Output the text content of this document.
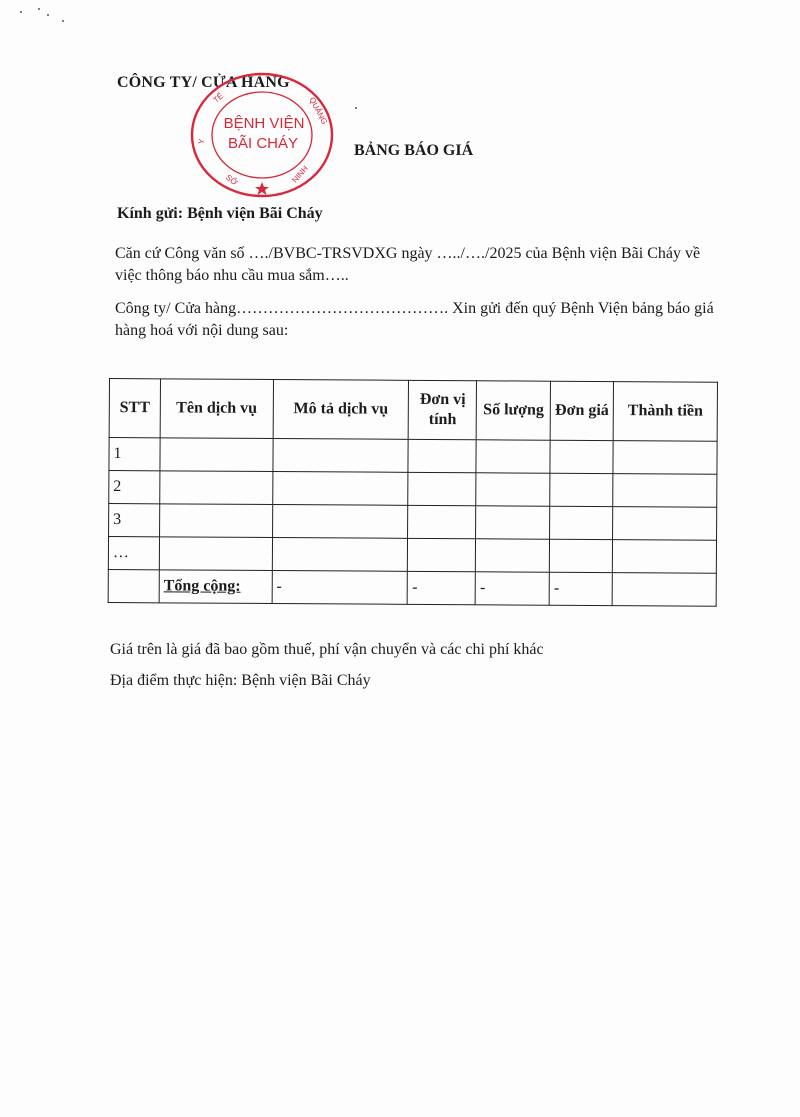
CÔNG TY/ CỬA HÀNG
BỆNH VIỆN
BÃI CHÁY
QUẢNG
TẾ
Y
SỞ	NINH
BẢNG BÁO GIÁ
Kính gửi: Bệnh viện Bãi Cháy
Căn cứ Công văn số …./BVBC-TRSVDXG ngày …../…./2025 của Bệnh viện Bãi Cháy về việc thông báo nhu cầu mua sắm…..
Công ty/ Cửa hàng…………………………………. Xin gửi đến quý Bệnh Viện bảng báo giá hàng hoá với nội dung sau:
STT	Tên dịch vụ	Mô tả dịch vụ	Đơn vị tính	Số lượng	Đơn giá	Thành tiền
1						
2						
3						
…						
	Tổng cộng:	-	-	-	-	
Giá trên là giá đã bao gồm thuế, phí vận chuyển và các chi phí khác
Địa điểm thực hiện: Bệnh viện Bãi Cháy
